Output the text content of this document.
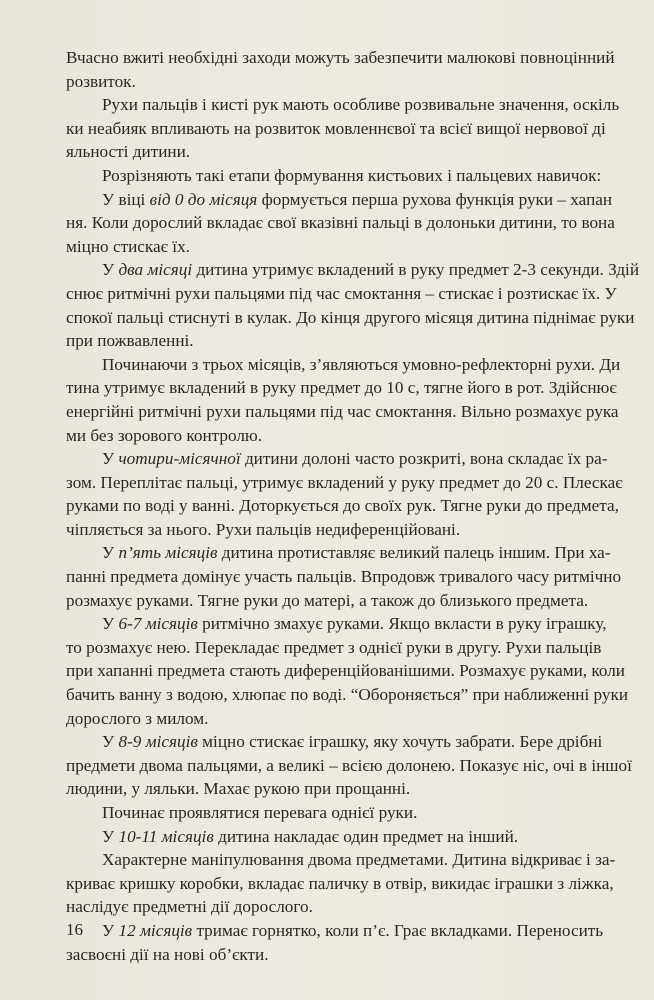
Вчасно вжиті необхідні заходи можуть забезпечити малюкові повноцінний
розвиток.
Рухи пальців і кисті рук мають особливе розвивальне значення, оскіль
ки неабияк впливають на розвиток мовленнєвої та всієї вищої нервової ді
яльності дитини.
Розрізняють такі етапи формування кистьових і пальцевих навичок:
У віці від 0 до місяця формується перша рухова функція руки – хапан
ня. Коли дорослий вкладає свої вказівні пальці в долоньки дитини, то вона
міцно стискає їх.
У два місяці дитина утримує вкладений в руку предмет 2-3 секунди. Здій
снює ритмічні рухи пальцями під час смоктання – стискає і розтискає їх. У
спокої пальці стиснуті в кулак. До кінця другого місяця дитина піднімає руки
при пожвавленні.
Починаючи з трьох місяців, з’являються умовно-рефлекторні рухи. Ди
тина утримує вкладений в руку предмет до 10 с, тягне його в рот. Здійснює
енергійні ритмічні рухи пальцями під час смоктання. Вільно розмахує рука
ми без зорового контролю.
У чотири-місячної дитини долоні часто розкриті, вона складає їх ра-
зом. Переплітає пальці, утримує вкладений у руку предмет до 20 с. Плескає
руками по воді у ванні. Доторкується до своїх рук. Тягне руки до предмета,
чіпляється за нього. Рухи пальців недиференційовані.
У п’ять місяців дитина протиставляє великий палець іншим. При ха-
панні предмета домінує участь пальців. Впродовж тривалого часу ритмічно
розмахує руками. Тягне руки до матері, а також до близького предмета.
У 6-7 місяців ритмічно змахує руками. Якщо вкласти в руку іграшку,
то розмахує нею. Перекладає предмет з однієї руки в другу. Рухи пальців
при хапанні предмета стають диференційованішими. Розмахує руками, коли
бачить ванну з водою, хлюпає по воді. “Обороняється” при наближенні руки
дорослого з милом.
У 8-9 місяців міцно стискає іграшку, яку хочуть забрати. Бере дрібні
предмети двома пальцями, а великі – всією долонею. Показує ніс, очі в іншої
людини, у ляльки. Махає рукою при прощанні.
Починає проявлятися перевага однієї руки.
У 10-11 місяців дитина накладає один предмет на інший.
Характерне маніпулювання двома предметами. Дитина відкриває і за-
криває кришку коробки, вкладає паличку в отвір, викидає іграшки з ліжка,
наслідує предметні дії дорослого.
У 12 місяців тримає горнятко, коли п’є. Грає вкладками. Переносить
засвоєні дії на нові об’єкти.
16
